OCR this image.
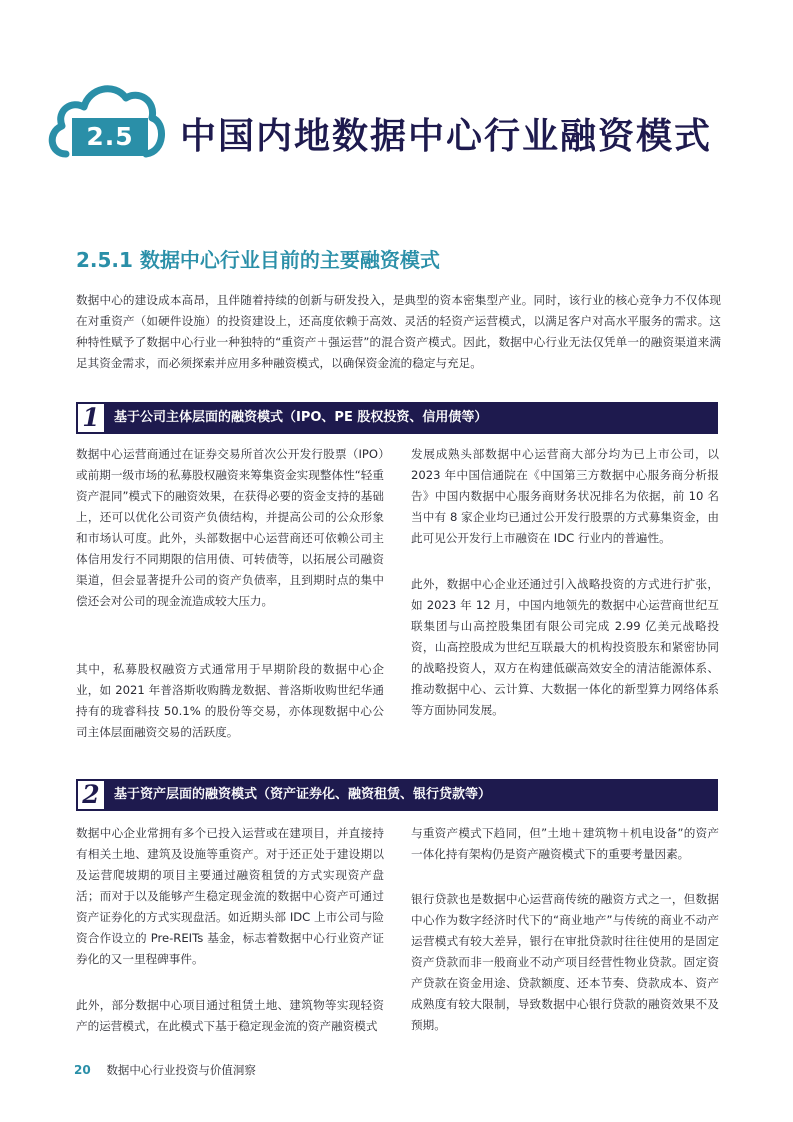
2.5	中国内地数据中心行业融资模式
2.5.1 数据中心行业目前的主要融资模式

数据中心的建设成本高昂，且伴随着持续的创新与研发投入，是典型的资本密集型产业。同时，该行业的核心竞争力不仅体现在对重资产（如硬件设施）的投资建设上，还高度依赖于高效、灵活的轻资产运营模式，以满足客户对高水平服务的需求。这种特性赋予了数据中心行业一种独特的“重资产＋强运营”的混合资产模式。因此，数据中心行业无法仅凭单一的融资渠道来满足其资金需求，而必须探索并应用多种融资模式，以确保资金流的稳定与充足。

1	基于公司主体层面的融资模式（IPO、PE 股权投资、信用债等）

数据中心运营商通过在证券交易所首次公开发行股票（IPO）或前期一级市场的私募股权融资来筹集资金实现整体性“轻重资产混同”模式下的融资效果，在获得必要的资金支持的基础上，还可以优化公司资产负债结构，并提高公司的公众形象和市场认可度。此外，头部数据中心运营商还可依赖公司主体信用发行不同期限的信用债、可转债等，以拓展公司融资渠道，但会显著提升公司的资产负债率，且到期时点的集中偿还会对公司的现金流造成较大压力。

其中，私募股权融资方式通常用于早期阶段的数据中心企业，如 2021 年普洛斯收购腾龙数据、普洛斯收购世纪华通持有的珑睿科技 50.1% 的股份等交易，亦体现数据中心公司主体层面融资交易的活跃度。

发展成熟头部数据中心运营商大部分均为已上市公司，以 2023 年中国信通院在《中国第三方数据中心服务商分析报告》中国内数据中心服务商财务状况排名为依据，前 10 名当中有 8 家企业均已通过公开发行股票的方式募集资金，由此可见公开发行上市融资在 IDC 行业内的普遍性。

此外，数据中心企业还通过引入战略投资的方式进行扩张，如 2023 年 12 月，中国内地领先的数据中心运营商世纪互联集团与山高控股集团有限公司完成 2.99 亿美元战略投资，山高控股成为世纪互联最大的机构投资股东和紧密协同的战略投资人，双方在构建低碳高效安全的清洁能源体系、推动数据中心、云计算、大数据一体化的新型算力网络体系等方面协同发展。

2	基于资产层面的融资模式（资产证券化、融资租赁、银行贷款等）

数据中心企业常拥有多个已投入运营或在建项目，并直接持有相关土地、建筑及设施等重资产。对于还正处于建设期以及运营爬坡期的项目主要通过融资租赁的方式实现资产盘活；而对于以及能够产生稳定现金流的数据中心资产可通过资产证券化的方式实现盘活。如近期头部 IDC 上市公司与险资合作设立的 Pre-REITs 基金，标志着数据中心行业资产证券化的又一里程碑事件。

此外，部分数据中心项目通过租赁土地、建筑物等实现轻资产的运营模式，在此模式下基于稳定现金流的资产融资模式

与重资产模式下趋同，但”土地＋建筑物＋机电设备”的资产一体化持有架构仍是资产融资模式下的重要考量因素。

银行贷款也是数据中心运营商传统的融资方式之一，但数据中心作为数字经济时代下的“商业地产”与传统的商业不动产运营模式有较大差异，银行在审批贷款时往往使用的是固定资产贷款而非一般商业不动产项目经营性物业贷款。固定资产贷款在资金用途、贷款额度、还本节奏、贷款成本、资产成熟度有较大限制，导致数据中心银行贷款的融资效果不及预期。

20 数据中心行业投资与价值洞察
